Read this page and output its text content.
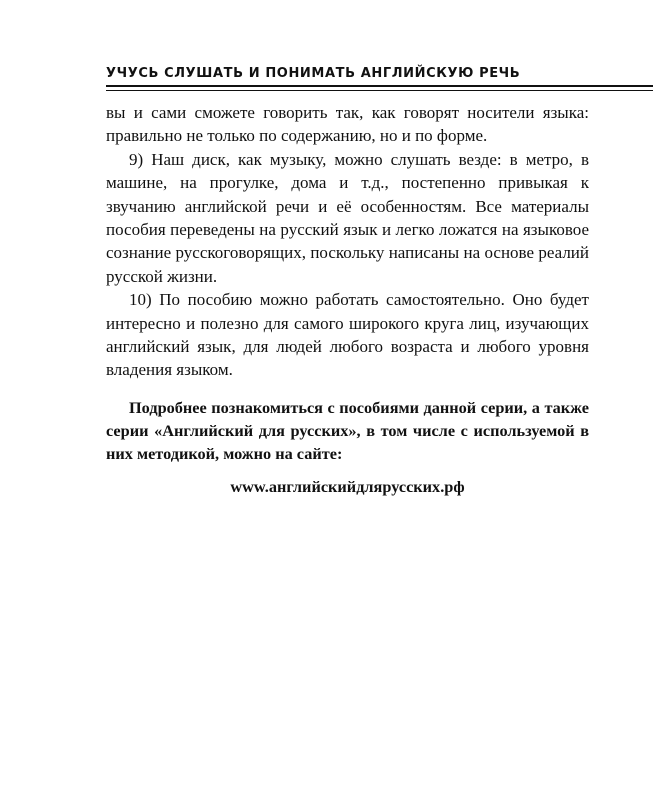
УЧУСЬ СЛУШАТЬ И ПОНИМАТЬ АНГЛИЙСКУЮ РЕЧЬ

вы и сами сможете говорить так, как говорят носители языка: правильно не только по содержанию, но и по форме.

9) Наш диск, как музыку, можно слушать везде: в метро, в машине, на прогулке, дома и т.д., постепенно привыкая к звучанию английской речи и её особенностям. Все материалы пособия переведены на русский язык и легко ложатся на языковое сознание русскоговорящих, поскольку написаны на основе реалий русской жизни.

10) По пособию можно работать самостоятельно. Оно будет интересно и полезно для самого широкого круга лиц, изучающих английский язык, для людей любого возраста и любого уровня владения языком.

Подробнее познакомиться с пособиями данной серии, а также серии «Английский для русских», в том числе с используемой в них методикой, можно на сайте:

www.английскийдлярусских.рф
